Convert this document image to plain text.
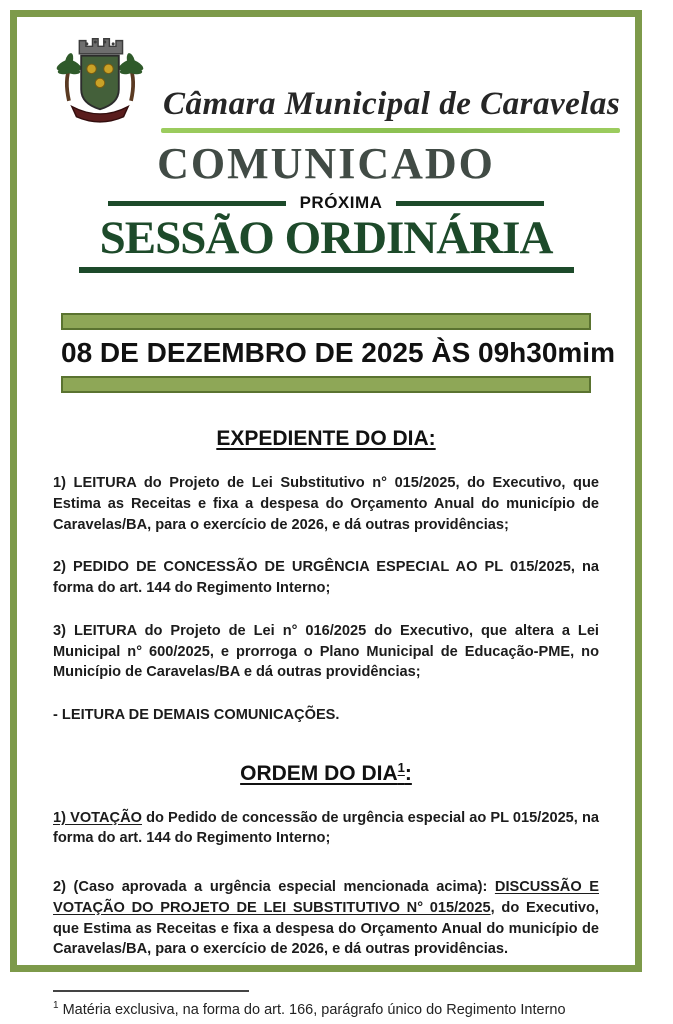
Câmara Municipal de Caravelas
COMUNICADO
PRÓXIMA
SESSÃO ORDINÁRIA
08 DE DEZEMBRO DE 2025 ÀS 09h30mim
EXPEDIENTE DO DIA:

1) LEITURA do Projeto de Lei Substitutivo n° 015/2025, do Executivo, que Estima as Receitas e fixa a despesa do Orçamento Anual do município de Caravelas/BA, para o exercício de 2026, e dá outras providências;

2) PEDIDO DE CONCESSÃO DE URGÊNCIA ESPECIAL AO PL 015/2025, na forma do art. 144 do Regimento Interno;

3) LEITURA do Projeto de Lei n° 016/2025 do Executivo, que altera a Lei Municipal n° 600/2025, e prorroga o Plano Municipal de Educação-PME, no Município de Caravelas/BA e dá outras providências;

- LEITURA DE DEMAIS COMUNICAÇÕES.

ORDEM DO DIA$^1$:

1) VOTAÇÃO do Pedido de concessão de urgência especial ao PL 015/2025, na forma do art. 144 do Regimento Interno;

2) (Caso aprovada a urgência especial mencionada acima): DISCUSSÃO E VOTAÇÃO DO PROJETO DE LEI SUBSTITUTIVO N° 015/2025, do Executivo, que Estima as Receitas e fixa a despesa do Orçamento Anual do município de Caravelas/BA, para o exercício de 2026, e dá outras providências.

$^1$ Matéria exclusiva, na forma do art. 166, parágrafo único do Regimento Interno
